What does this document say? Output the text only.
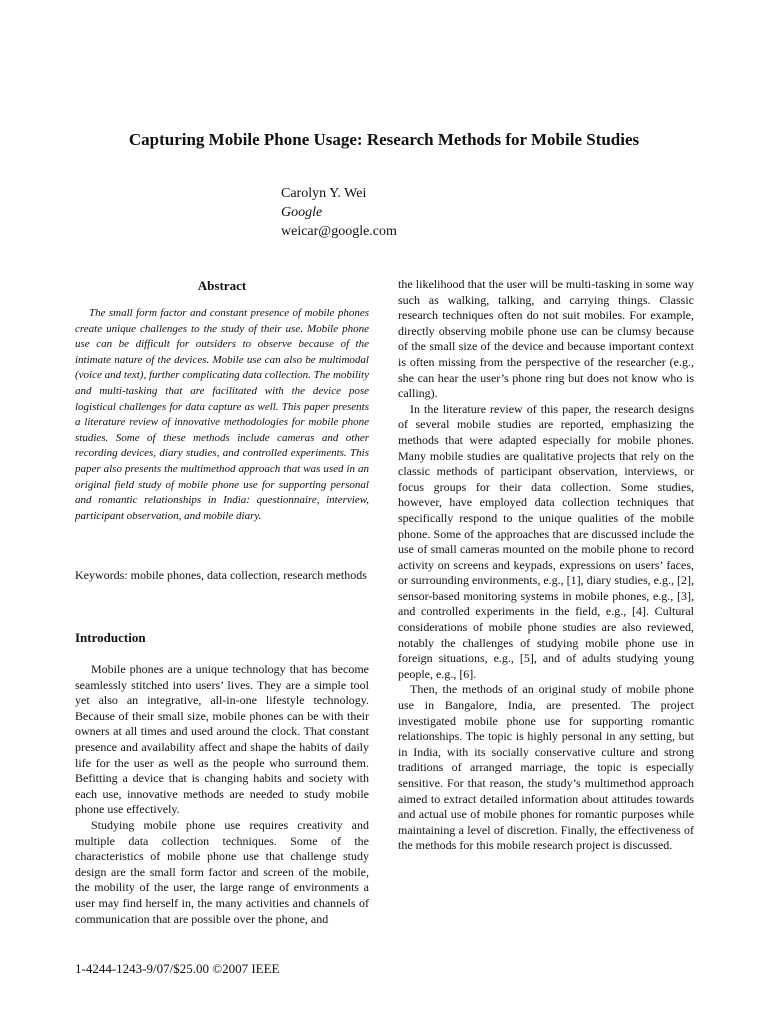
Capturing Mobile Phone Usage: Research Methods for Mobile Studies
Carolyn Y. Wei
Google
weicar@google.com
Abstract

The small form factor and constant presence of mobile phones create unique challenges to the study of their use. Mobile phone use can be difficult for outsiders to observe because of the intimate nature of the devices. Mobile use can also be multimodal (voice and text), further complicating data collection. The mobility and multi-tasking that are facilitated with the device pose logistical challenges for data capture as well. This paper presents a literature review of innovative methodologies for mobile phone studies. Some of these methods include cameras and other recording devices, diary studies, and controlled experiments. This paper also presents the multimethod approach that was used in an original field study of mobile phone use for supporting personal and romantic relationships in India: questionnaire, interview, participant observation, and mobile diary.

Keywords: mobile phones, data collection, research methods

Introduction

Mobile phones are a unique technology that has become seamlessly stitched into users’ lives. They are a simple tool yet also an integrative, all-in-one lifestyle technology. Because of their small size, mobile phones can be with their owners at all times and used around the clock. That constant presence and availability affect and shape the habits of daily life for the user as well as the people who surround them. Befitting a device that is changing habits and society with each use, innovative methods are needed to study mobile phone use effectively.

Studying mobile phone use requires creativity and multiple data collection techniques. Some of the characteristics of mobile phone use that challenge study design are the small form factor and screen of the mobile, the mobility of the user, the large range of environments a user may find herself in, the many activities and channels of communication that are possible over the phone, and

the likelihood that the user will be multi-tasking in some way such as walking, talking, and carrying things. Classic research techniques often do not suit mobiles. For example, directly observing mobile phone use can be clumsy because of the small size of the device and because important context is often missing from the perspective of the researcher (e.g., she can hear the user’s phone ring but does not know who is calling).

In the literature review of this paper, the research designs of several mobile studies are reported, emphasizing the methods that were adapted especially for mobile phones. Many mobile studies are qualitative projects that rely on the classic methods of participant observation, interviews, or focus groups for their data collection. Some studies, however, have employed data collection techniques that specifically respond to the unique qualities of the mobile phone. Some of the approaches that are discussed include the use of small cameras mounted on the mobile phone to record activity on screens and keypads, expressions on users’ faces, or surrounding environments, e.g., [1], diary studies, e.g., [2], sensor-based monitoring systems in mobile phones, e.g., [3], and controlled experiments in the field, e.g., [4]. Cultural considerations of mobile phone studies are also reviewed, notably the challenges of studying mobile phone use in foreign situations, e.g., [5], and of adults studying young people, e.g., [6].

Then, the methods of an original study of mobile phone use in Bangalore, India, are presented. The project investigated mobile phone use for supporting romantic relationships. The topic is highly personal in any setting, but in India, with its socially conservative culture and strong traditions of arranged marriage, the topic is especially sensitive. For that reason, the study’s multimethod approach aimed to extract detailed information about attitudes towards and actual use of mobile phones for romantic purposes while maintaining a level of discretion. Finally, the effectiveness of the methods for this mobile research project is discussed.

1-4244-1243-9/07/$25.00 ©2007 IEEE
